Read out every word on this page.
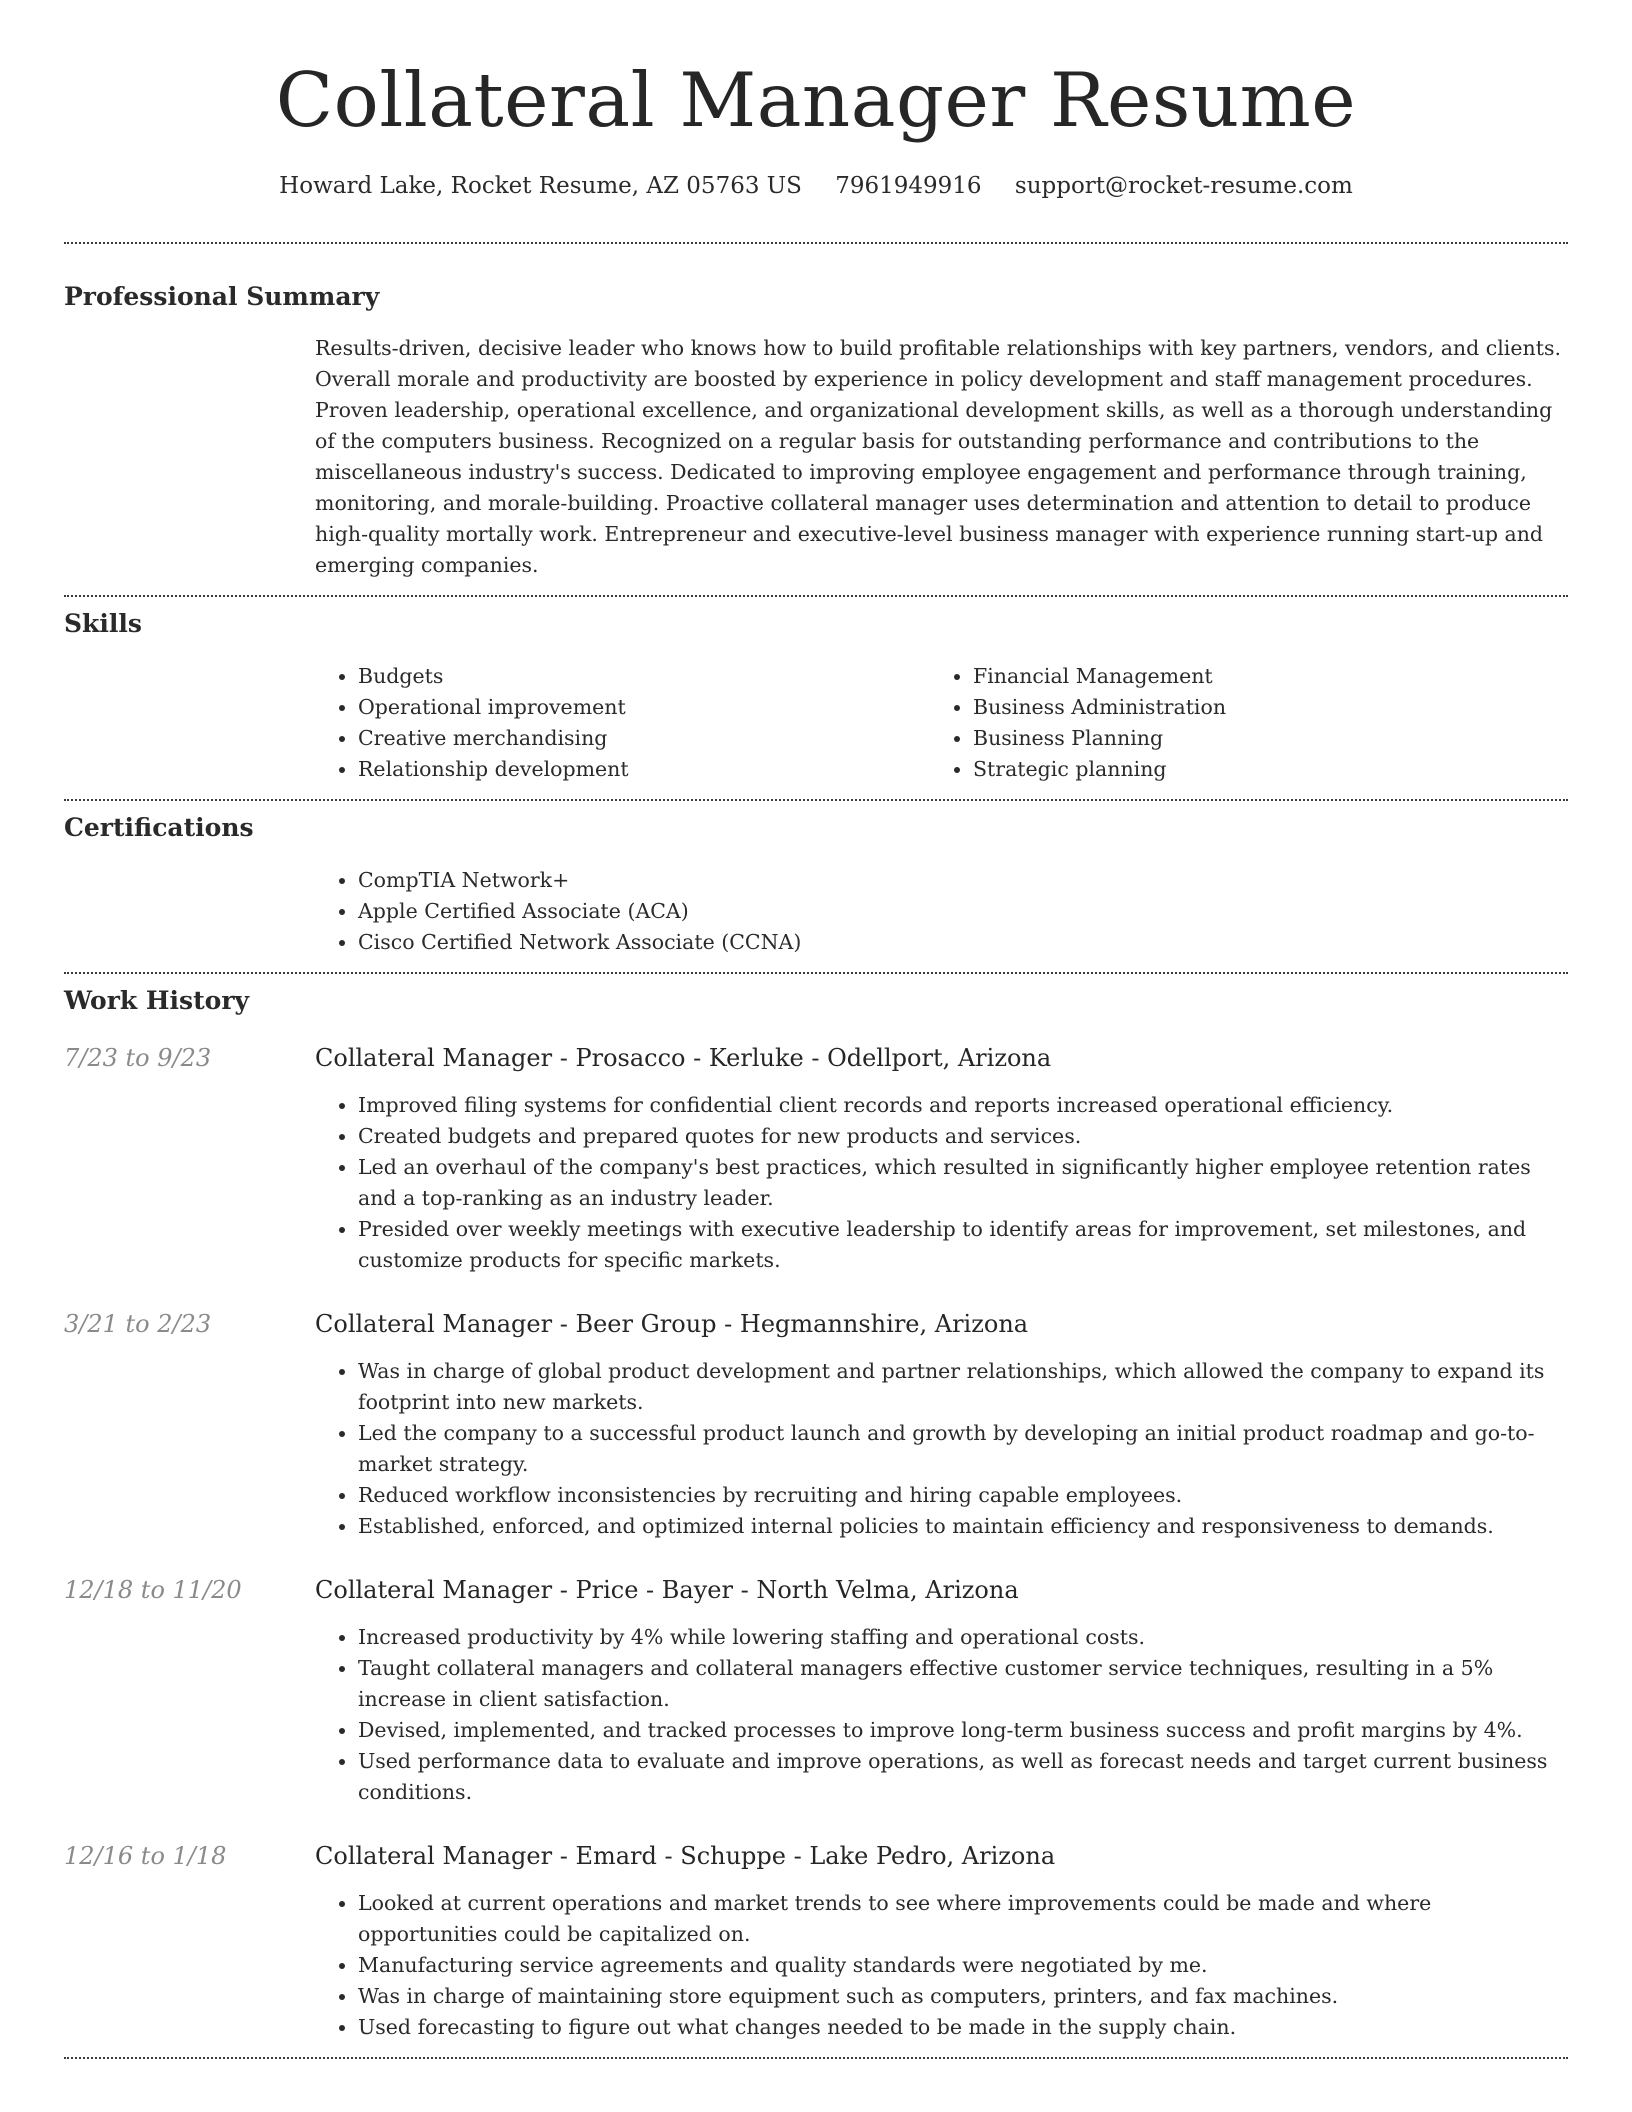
Collateral Manager Resume
Howard Lake, Rocket Resume, AZ 05763 US 7961949916 support@rocket-resume.com
Professional Summary

Results-driven, decisive leader who knows how to build profitable relationships with key partners, vendors, and clients. Overall morale and productivity are boosted by experience in policy development and staff management procedures. Proven leadership, operational excellence, and organizational development skills, as well as a thorough understanding of the computers business. Recognized on a regular basis for outstanding performance and contributions to the miscellaneous industry's success. Dedicated to improving employee engagement and performance through training, monitoring, and morale-building. Proactive collateral manager uses determination and attention to detail to produce high-quality mortally work. Entrepreneur and executive-level business manager with experience running start-up and emerging companies.

Skills
• Budgets
• Operational improvement
• Creative merchandising
• Relationship development
• Financial Management
• Business Administration
• Business Planning
• Strategic planning
Certifications
• CompTIA Network+
• Apple Certified Associate (ACA)
• Cisco Certified Network Associate (CCNA)
Work History
7/23 to 9/23	Collateral Manager - Prosacco - Kerluke - Odellport, Arizona
• Improved filing systems for confidential client records and reports increased operational efficiency.
• Created budgets and prepared quotes for new products and services.
• Led an overhaul of the company's best practices, which resulted in significantly higher employee retention rates and a top-ranking as an industry leader.
• Presided over weekly meetings with executive leadership to identify areas for improvement, set milestones, and customize products for specific markets.
3/21 to 2/23	Collateral Manager - Beer Group - Hegmannshire, Arizona
• Was in charge of global product development and partner relationships, which allowed the company to expand its footprint into new markets.
• Led the company to a successful product launch and growth by developing an initial product roadmap and go-to-market strategy.
• Reduced workflow inconsistencies by recruiting and hiring capable employees.
• Established, enforced, and optimized internal policies to maintain efficiency and responsiveness to demands.
12/18 to 11/20	Collateral Manager - Price - Bayer - North Velma, Arizona
• Increased productivity by 4% while lowering staffing and operational costs.
• Taught collateral managers and collateral managers effective customer service techniques, resulting in a 5% increase in client satisfaction.
• Devised, implemented, and tracked processes to improve long-term business success and profit margins by 4%.
• Used performance data to evaluate and improve operations, as well as forecast needs and target current business conditions.
12/16 to 1/18	Collateral Manager - Emard - Schuppe - Lake Pedro, Arizona
• Looked at current operations and market trends to see where improvements could be made and where opportunities could be capitalized on.
• Manufacturing service agreements and quality standards were negotiated by me.
• Was in charge of maintaining store equipment such as computers, printers, and fax machines.
• Used forecasting to figure out what changes needed to be made in the supply chain.
